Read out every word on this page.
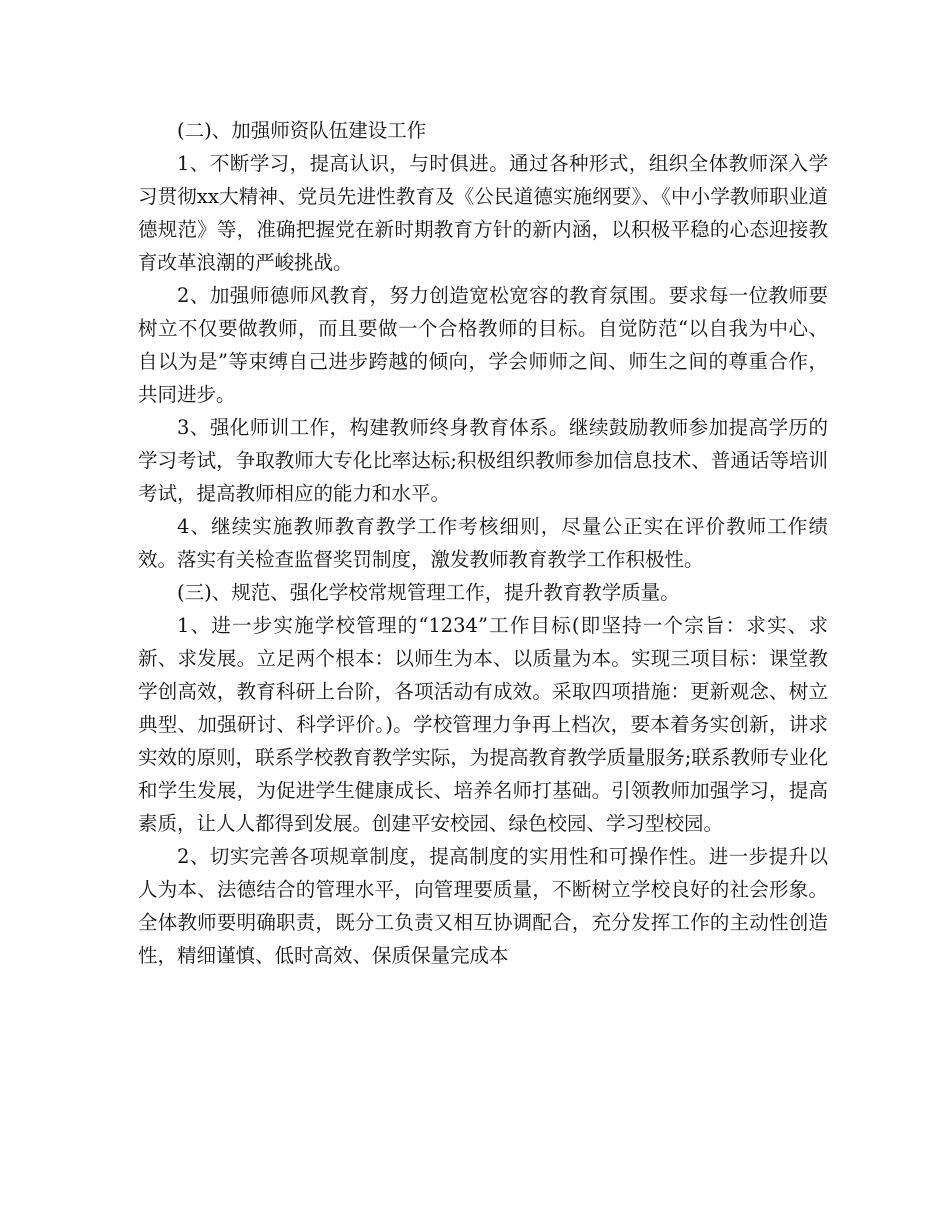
(二)、加强师资队伍建设工作

1、不断学习，提高认识，与时俱进。通过各种形式，组织全体教师深入学习贯彻xx大精神、党员先进性教育及《公民道德实施纲要》、《中小学教师职业道德规范》等，准确把握党在新时期教育方针的新内涵，以积极平稳的心态迎接教育改革浪潮的严峻挑战。

2、加强师德师风教育，努力创造宽松宽容的教育氛围。要求每一位教师要树立不仅要做教师，而且要做一个合格教师的目标。自觉防范“以自我为中心、自以为是”等束缚自己进步跨越的倾向，学会师师之间、师生之间的尊重合作，共同进步。

3、强化师训工作，构建教师终身教育体系。继续鼓励教师参加提高学历的学习考试，争取教师大专化比率达标;积极组织教师参加信息技术、普通话等培训考试，提高教师相应的能力和水平。

4、继续实施教师教育教学工作考核细则，尽量公正实在评价教师工作绩效。落实有关检查监督奖罚制度，激发教师教育教学工作积极性。

(三)、规范、强化学校常规管理工作，提升教育教学质量。

1、进一步实施学校管理的“1234”工作目标(即坚持一个宗旨：求实、求新、求发展。立足两个根本：以师生为本、以质量为本。实现三项目标：课堂教学创高效，教育科研上台阶，各项活动有成效。采取四项措施：更新观念、树立典型、加强研讨、科学评价。)。学校管理力争再上档次，要本着务实创新，讲求实效的原则，联系学校教育教学实际，为提高教育教学质量服务;联系教师专业化和学生发展，为促进学生健康成长、培养名师打基础。引领教师加强学习，提高素质，让人人都得到发展。创建平安校园、绿色校园、学习型校园。

2、切实完善各项规章制度，提高制度的实用性和可操作性。进一步提升以人为本、法德结合的管理水平，向管理要质量，不断树立学校良好的社会形象。全体教师要明确职责，既分工负责又相互协调配合，充分发挥工作的主动性创造性，精细谨慎、低时高效、保质保量完成本
